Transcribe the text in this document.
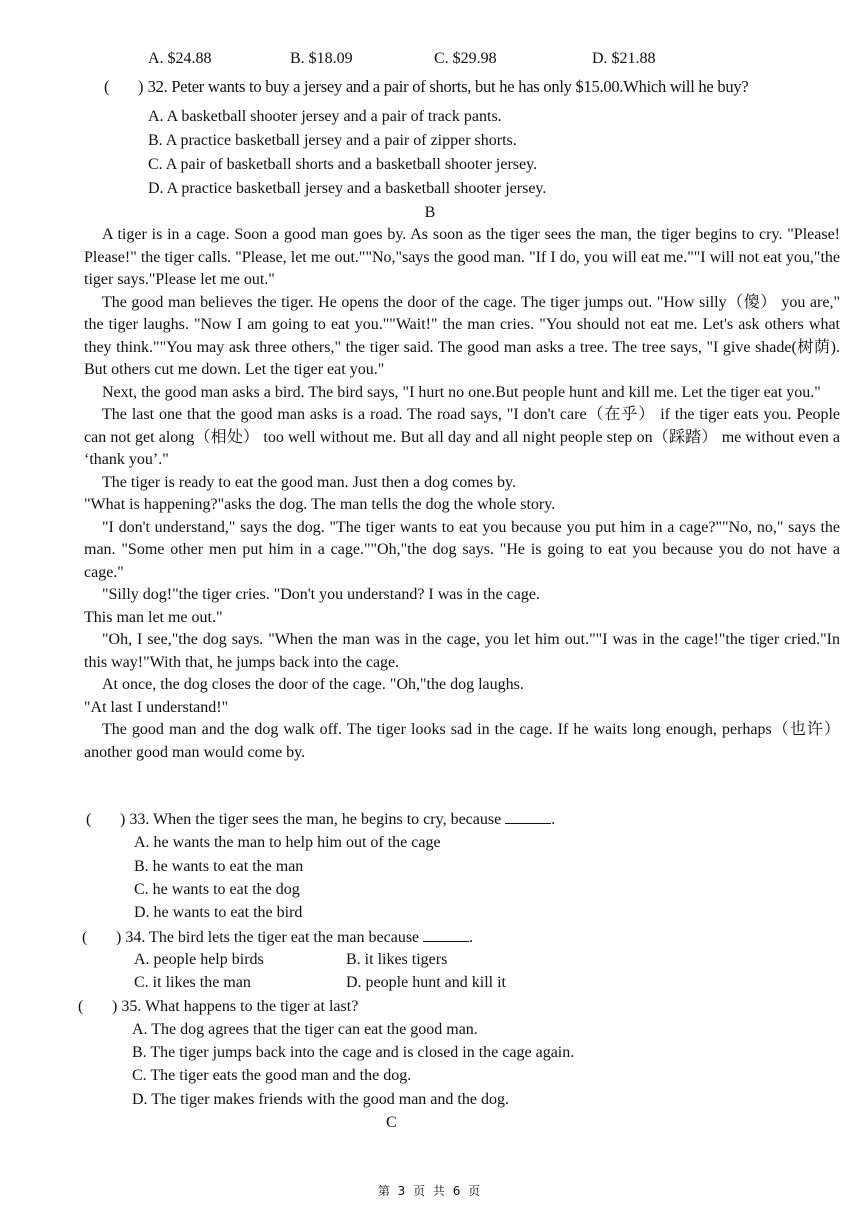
A. $24.88	B. $18.09	C. $29.98	D. $21.88
( ) 32. Peter wants to buy a jersey and a pair of shorts, but he has only $15.00.Which will he buy?
A. A basketball shooter jersey and a pair of track pants.
B. A practice basketball jersey and a pair of zipper shorts.
C. A pair of basketball shorts and a basketball shooter jersey.
D. A practice basketball jersey and a basketball shooter jersey.
B

A tiger is in a cage. Soon a good man goes by. As soon as the tiger sees the man, the tiger begins to cry. "Please! Please!" the tiger calls. "Please, let me out.""No,"says the good man. "If I do, you will eat me.""I will not eat you,"the tiger says."Please let me out."

The good man believes the tiger. He opens the door of the cage. The tiger jumps out. "How silly（傻） you are," the tiger laughs. "Now I am going to eat you.""Wait!" the man cries. "You should not eat me. Let's ask others what they think.""You may ask three others," the tiger said. The good man asks a tree. The tree says, "I give shade(树荫). But others cut me down. Let the tiger eat you."

Next, the good man asks a bird. The bird says, "I hurt no one.But people hunt and kill me. Let the tiger eat you."

The last one that the good man asks is a road. The road says, "I don't care（在乎） if the tiger eats you. People can not get along（相处） too well without me. But all day and all night people step on（踩踏） me without even a ‘thank you’."

The tiger is ready to eat the good man. Just then a dog comes by.

"What is happening?"asks the dog. The man tells the dog the whole story.

"I don't understand," says the dog. "The tiger wants to eat you because you put him in a cage?""No, no," says the man. "Some other men put him in a cage.""Oh,"the dog says. "He is going to eat you because you do not have a cage."

"Silly dog!"the tiger cries. "Don't you understand? I was in the cage.

This man let me out."

"Oh, I see,"the dog says. "When the man was in the cage, you let him out.""I was in the cage!"the tiger cried."In this way!"With that, he jumps back into the cage.

At once, the dog closes the door of the cage. "Oh,"the dog laughs.

"At last I understand!"

The good man and the dog walk off. The tiger looks sad in the cage. If he waits long enough, perhaps（也许） another good man would come by.

( ) 33. When the tiger sees the man, he begins to cry, because	.
A. he wants the man to help him out of the cage
B. he wants to eat the man
C. he wants to eat the dog
D. he wants to eat the bird
( ) 34. The bird lets the tiger eat the man because	.
A. people help birds	B. it likes tigers
C. it likes the man	D. people hunt and kill it
( ) 35. What happens to the tiger at last?
A. The dog agrees that the tiger can eat the good man.
B. The tiger jumps back into the cage and is closed in the cage again.
C. The tiger eats the good man and the dog.
D. The tiger makes friends with the good man and the dog.
C
第 3 页 共 6 页
